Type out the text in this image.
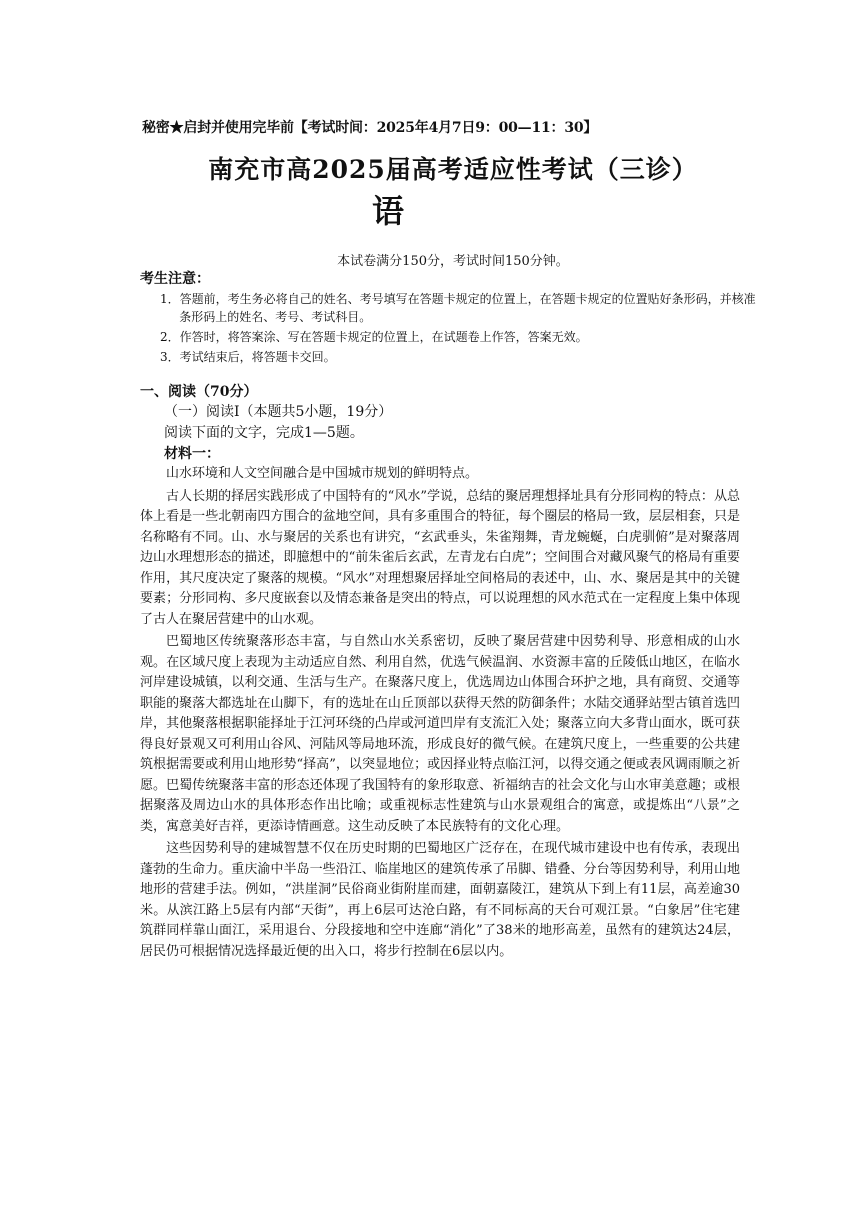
秘密★启封并使用完毕前【考试时间：2025年4月7日9：00—11：30】
南充市高2025届高考适应性考试（三诊）
语
本试卷满分150分，考试时间150分钟。
考生注意：
1．答题前，考生务必将自己的姓名、考号填写在答题卡规定的位置上，在答题卡规定的位置贴好条形码，并核准条形码上的姓名、考号、考试科目。
2．作答时，将答案涂、写在答题卡规定的位置上，在试题卷上作答，答案无效。
3．考试结束后，将答题卡交回。
一、阅读（70分）
（一）阅读Ⅰ（本题共5小题，19分）
阅读下面的文字，完成1—5题。
材料一：

山水环境和人文空间融合是中国城市规划的鲜明特点。

古人长期的择居实践形成了中国特有的“风水”学说，总结的聚居理想择址具有分形同构的特点：从总体上看是一些北朝南四方围合的盆地空间，具有多重围合的特征，每个圈层的格局一致，层层相套，只是名称略有不同。山、水与聚居的关系也有讲究，“玄武垂头，朱雀翔舞，青龙蜿蜒，白虎驯俯”是对聚落周边山水理想形态的描述，即臆想中的“前朱雀后玄武，左青龙右白虎”；空间围合对藏风聚气的格局有重要作用，其尺度决定了聚落的规模。“风水”对理想聚居择址空间格局的表述中，山、水、聚居是其中的关键要素；分形同构、多尺度嵌套以及情态兼备是突出的特点，可以说理想的风水范式在一定程度上集中体现了古人在聚居营建中的山水观。

巴蜀地区传统聚落形态丰富，与自然山水关系密切，反映了聚居营建中因势利导、形意相成的山水观。在区域尺度上表现为主动适应自然、利用自然，优选气候温润、水资源丰富的丘陵低山地区，在临水河岸建设城镇，以利交通、生活与生产。在聚落尺度上，优选周边山体围合环护之地，具有商贸、交通等职能的聚落大都选址在山脚下，有的选址在山丘顶部以获得天然的防御条件；水陆交通驿站型古镇首选凹岸，其他聚落根据职能择址于江河环绕的凸岸或河道凹岸有支流汇入处；聚落立向大多背山面水，既可获得良好景观又可利用山谷风、河陆风等局地环流，形成良好的微气候。在建筑尺度上，一些重要的公共建筑根据需要或利用山地形势“择高”，以突显地位；或因择业特点临江河，以得交通之便或表风调雨顺之祈愿。巴蜀传统聚落丰富的形态还体现了我国特有的象形取意、祈福纳吉的社会文化与山水审美意趣；或根据聚落及周边山水的具体形态作出比喻；或重视标志性建筑与山水景观组合的寓意，或提炼出“八景”之类，寓意美好吉祥，更添诗情画意。这生动反映了本民族特有的文化心理。

这些因势利导的建城智慧不仅在历史时期的巴蜀地区广泛存在，在现代城市建设中也有传承，表现出蓬勃的生命力。重庆渝中半岛一些沿江、临崖地区的建筑传承了吊脚、错叠、分台等因势利导，利用山地地形的营建手法。例如，“洪崖洞”民俗商业街附崖而建，面朝嘉陵江，建筑从下到上有11层，高差逾30米。从滨江路上5层有内部“天街”，再上6层可达沧白路，有不同标高的天台可观江景。“白象居”住宅建筑群同样靠山面江，采用退台、分段接地和空中连廊“消化”了38米的地形高差，虽然有的建筑达24层，居民仍可根据情况选择最近便的出入口，将步行控制在6层以内。
